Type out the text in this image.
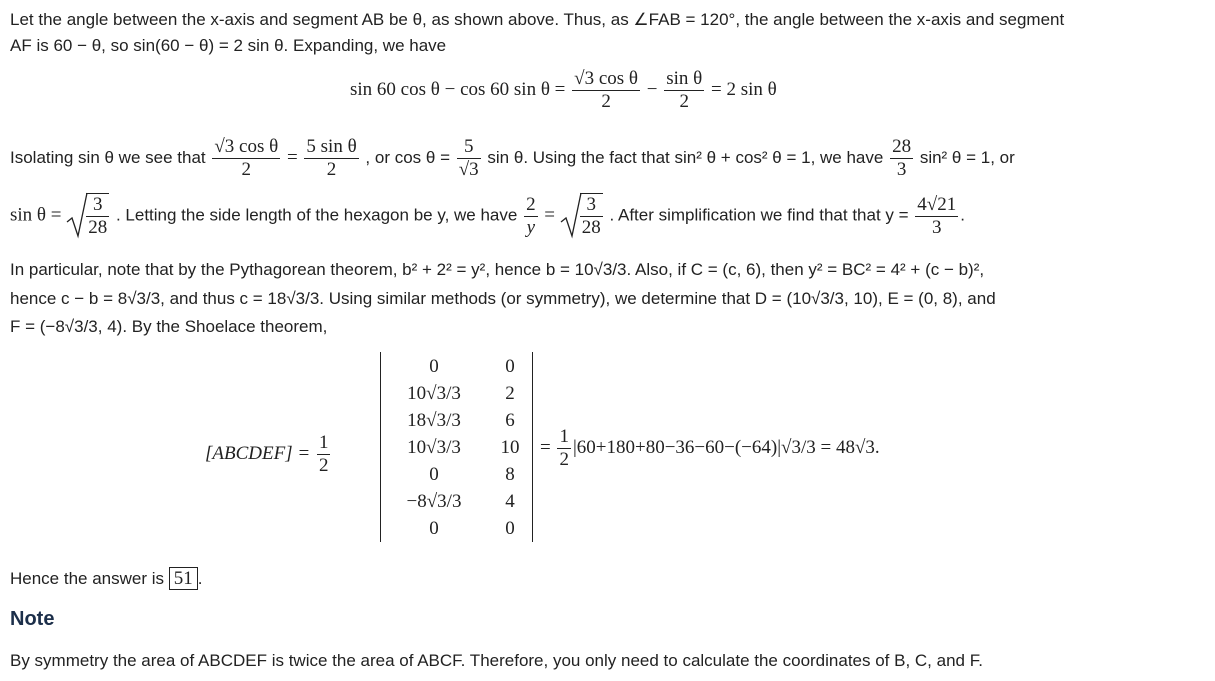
Let the angle between the x-axis and segment AB be θ, as shown above. Thus, as ∠FAB = 120°, the angle between the x-axis and segment
AF is 60 − θ, so sin(60 − θ) = 2 sin θ. Expanding, we have
sin 60 cos θ − cos 60 $\sin \theta = \frac{\text{√3 cos θ}}{2} - \frac{\text{sin θ}}{2} = 2$ sin θ
Isolating sin θ we see that $\frac{\text{√3 cos θ}}{2} = \frac{\text{5 sin θ}}{2}$ , or $\cos \theta = \frac{5}{√3}$ sin θ. Using the fact that sin² θ + cos² θ = 1, we have $\frac{28}{3} \sin^2$ θ = 1, or
$\sin \theta = \frac{3}{28}$ . Letting the side length of the hexagon be y, we have $\frac{2}{y} = \frac{3}{28}$ . After simplification we find that that $y = \frac{4√21}{3}$ .
In particular, note that by the Pythagorean theorem, b² + 2² = y², hence b = 10√3/3. Also, if C = (c, 6), then y² = BC² = 4² + (c − b)²,
hence c − b = 8√3/3, and thus c = 18√3/3. Using similar methods (or symmetry), we determine that D = (10√3/3, 10), E = (0, 8), and
F = (−8√3/3, 4). By the Shoelace theorem,
[ABCDEF] = $\frac{1}{2}$
0	0
10√3/3	2
18√3/3	6
10√3/3	10
0	8
−8√3/3	4
0	0
= $\frac{1}{2} |60+180+80-36-60-(-64)|√3/3 = 48√3$.
Hence the answer is 51 .
Note
By symmetry the area of ABCDEF is twice the area of ABCF. Therefore, you only need to calculate the coordinates of B, C, and F.
